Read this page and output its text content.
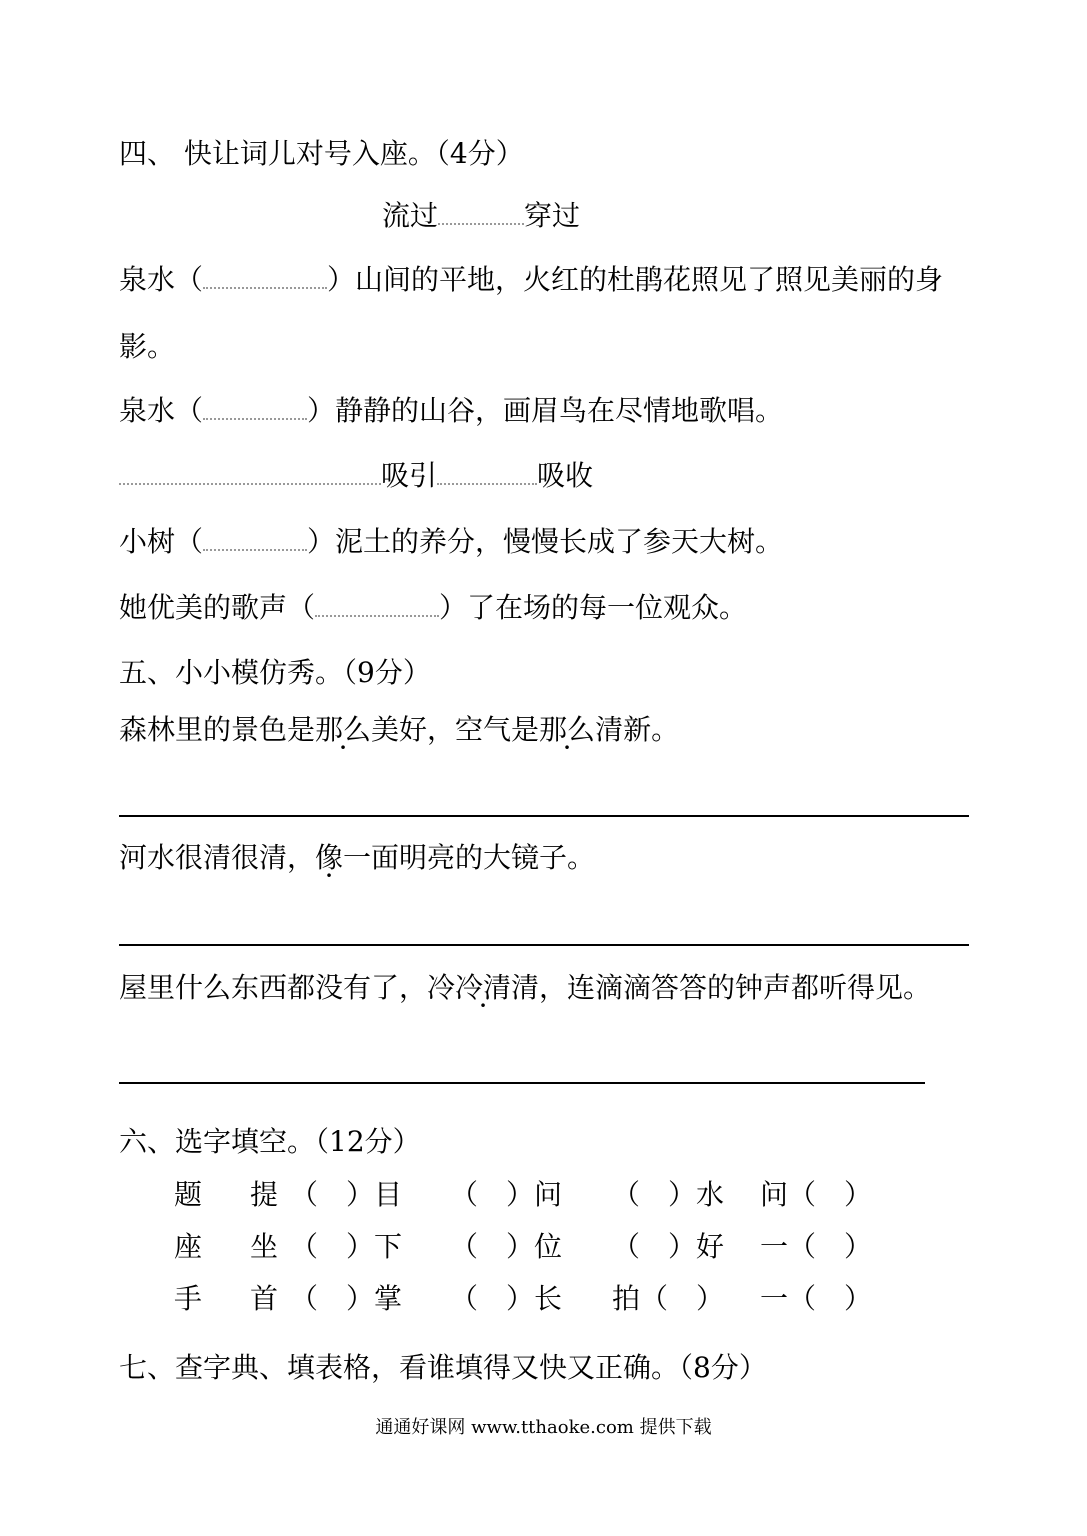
四、 快让词儿对号入座。（4分）
流过	穿过
泉水（	）山间的平地，火红的杜鹃花照见了照见美丽的身
影。
泉水（	）静静的山谷，画眉鸟在尽情地歌唱。
吸引	吸收
小树（	）泥土的养分，慢慢长成了参天大树。
她优美的歌声（	）了在场的每一位观众。
五、小小模仿秀。（9分）
森林里的景色是那么美好，空气是那么清新。
河水很清很清，像一面明亮的大镜子。
屋里什么东西都没有了，冷冷清清，连滴滴答答的钟声都听得见。
六、选字填空。（12分）
题 提 （　）目 （　）问 （　）水 问（　）
座 坐 （　）下 （　）位 （　）好 一（　）
手 首 （　）掌 （　）长 拍（　） 一（　）
七、查字典、填表格，看谁填得又快又正确。（8分）
通通好课网 www.tthaoke.com 提供下载
